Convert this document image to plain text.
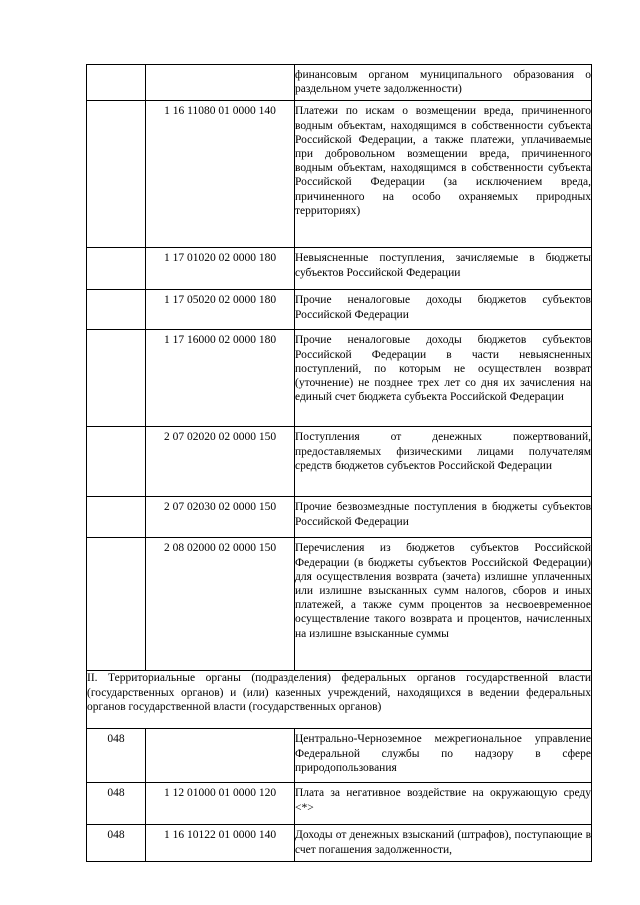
		финансовым органом муниципального образования о раздельном учете задолженности)

	1 16 11080 01 0000 140	Платежи по искам о возмещении вреда, причиненного водным объектам, находящимся в собственности субъекта Российской Федерации, а также платежи, уплачиваемые при добровольном возмещении вреда, причиненного водным объектам, находящимся в собственности субъекта Российской Федерации (за исключением вреда, причиненного на особо охраняемых природных территориях)

	1 17 01020 02 0000 180	Невыясненные поступления, зачисляемые в бюджеты субъектов Российской Федерации

	1 17 05020 02 0000 180	Прочие неналоговые доходы бюджетов субъектов Российской Федерации

	1 17 16000 02 0000 180	Прочие неналоговые доходы бюджетов субъектов Российской Федерации в части невыясненных поступлений, по которым не осуществлен возврат (уточнение) не позднее трех лет со дня их зачисления на единый счет бюджета субъекта Российской Федерации

	2 07 02020 02 0000 150	Поступления от денежных пожертвований, предоставляемых физическими лицами получателям средств бюджетов субъектов Российской Федерации

	2 07 02030 02 0000 150	Прочие безвозмездные поступления в бюджеты субъектов Российской Федерации

	2 08 02000 02 0000 150	Перечисления из бюджетов субъектов Российской Федерации (в бюджеты субъектов Российской Федерации) для осуществления возврата (зачета) излишне уплаченных или излишне взысканных сумм налогов, сборов и иных платежей, а также сумм процентов за несвоевременное осуществление такого возврата и процентов, начисленных на излишне взысканные суммы

II. Территориальные органы (подразделения) федеральных органов государственной власти (государственных органов) и (или) казенных учреждений, находящихся в ведении федеральных органов государственной власти (государственных органов)		

048		Центрально-Черноземное межрегиональное управление Федеральной службы по надзору в сфере природопользования

048	1 12 01000 01 0000 120	Плата за негативное воздействие на окружающую среду <*>

048	1 16 10122 01 0000 140	Доходы от денежных взысканий (штрафов), поступающие в счет погашения задолженности,
